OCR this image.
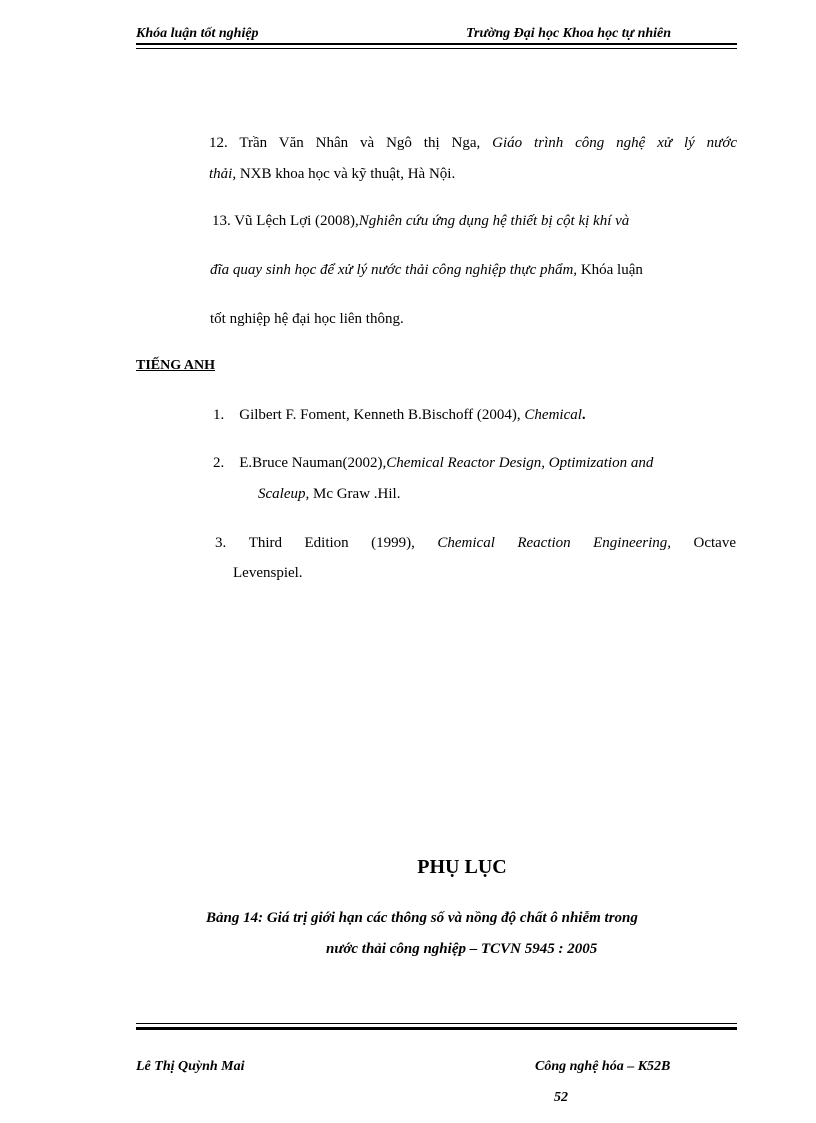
Khóa luận tốt nghiệp	Trường Đại học Khoa học tự nhiên
12. Trần Văn Nhân và Ngô thị Nga, Giáo trình công nghệ xử lý nước
thải, NXB khoa học và kỹ thuật, Hà Nội.
13. Vũ Lệch Lợi (2008),Nghiên cứu ứng dụng hệ thiết bị cột kị khí và
đĩa quay sinh học để xử lý nước thải công nghiệp thực phẩm, Khóa luận
tốt nghiệp hệ đại học liên thông.
TIẾNG ANH
1. Gilbert F. Foment, Kenneth B.Bischoff (2004), Chemical.
2. E.Bruce Nauman(2002),Chemical Reactor Design, Optimization and
Scaleup, Mc Graw .Hil.
3. Third Edition (1999), Chemical Reaction Engineering, Octave
Levenspiel.
PHỤ LỤC
Bảng 14: Giá trị giới hạn các thông số và nồng độ chất ô nhiễm trong
nước thải công nghiệp – TCVN 5945 : 2005
Lê Thị Quỳnh Mai	Công nghệ hóa – K52B
52
